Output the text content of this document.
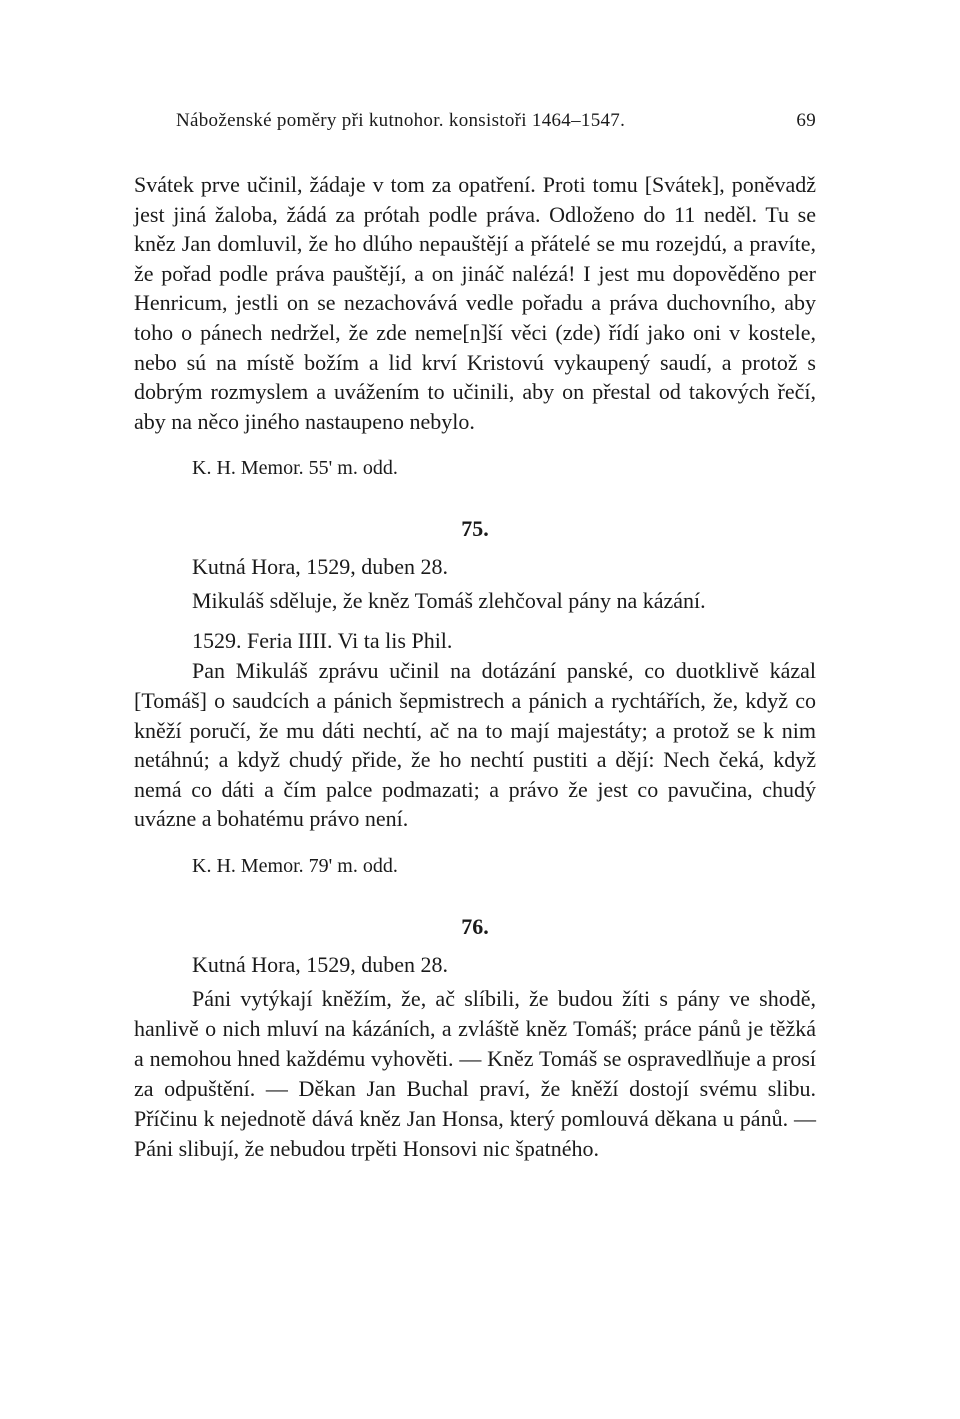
Náboženské poměry při kutnohor. konsistoři 1464–1547.	69

Svátek prve učinil, žádaje v tom za opatření. Proti tomu [Svátek], poněvadž jest jiná žaloba, žádá za prótah podle práva. Odloženo do 11 neděl. Tu se kněz Jan domluvil, že ho dlúho nepauštějí a přátelé se mu rozejdú, a pravíte, že pořad podle práva pauštějí, a on jináč nalézá! I jest mu dopověděno per Henricum, jestli on se nezachovává vedle pořadu a práva duchovního, aby toho o pánech nedržel, že zde neme[n]ší věci (zde) řídí jako oni v kostele, nebo sú na místě božím a lid krví Kristovú vykaupený saudí, a protož s dobrým rozmyslem a uvážením to učinili, aby on přestal od takových řečí, aby na něco jiného nastaupeno nebylo.

K. H. Memor. 55' m. odd.

75.

Kutná Hora, 1529, duben 28.

Mikuláš sděluje, že kněz Tomáš zlehčoval pány na kázání.

1529. Feria IIII. Vi ta lis Phil.

Pan Mikuláš zprávu učinil na dotázání panské, co duotklivě kázal [Tomáš] o saudcích a pánich šepmistrech a pánich a rychtářích, že, když co kněží poručí, že mu dáti nechtí, ač na to mají majestáty; a protož se k nim netáhnú; a když chudý přide, že ho nechtí pustiti a dějí: Nech čeká, když nemá co dáti a čím palce podmazati; a právo že jest co pavučina, chudý uvázne a bohatému právo není.

K. H. Memor. 79' m. odd.

76.

Kutná Hora, 1529, duben 28.

Páni vytýkají kněžím, že, ač slíbili, že budou žíti s pány ve shodě, hanlivě o nich mluví na kázáních, a zvláště kněz Tomáš; práce pánů je těžká a nemohou hned každému vyhověti. — Kněz Tomáš se ospravedlňuje a prosí za odpuštění. — Děkan Jan Buchal praví, že kněží dostojí svému slibu. Příčinu k nejednotě dává kněz Jan Honsa, který pomlouvá děkana u pánů. — Páni slibují, že nebudou trpěti Honsovi nic špatného.
